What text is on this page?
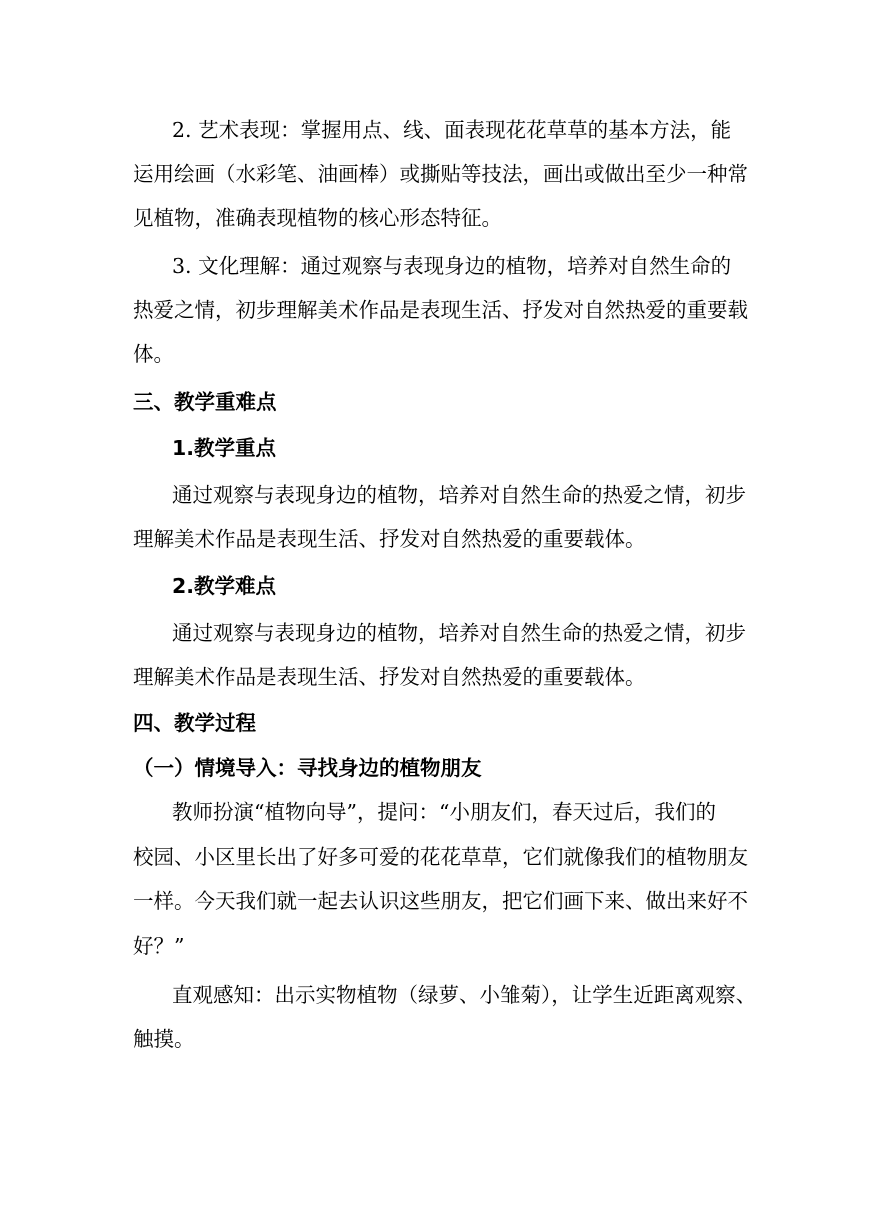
2. 艺术表现：掌握用点、线、面表现花花草草的基本方法，能
运用绘画（水彩笔、油画棒）或撕贴等技法，画出或做出至少一种常
见植物，准确表现植物的核心形态特征。
3. 文化理解：通过观察与表现身边的植物，培养对自然生命的
热爱之情，初步理解美术作品是表现生活、抒发对自然热爱的重要载
体。
三、教学重难点
1.教学重点
通过观察与表现身边的植物，培养对自然生命的热爱之情，初步
理解美术作品是表现生活、抒发对自然热爱的重要载体。
2.教学难点
通过观察与表现身边的植物，培养对自然生命的热爱之情，初步
理解美术作品是表现生活、抒发对自然热爱的重要载体。
四、教学过程
（一）情境导入：寻找身边的植物朋友
教师扮演“植物向导”，提问：“小朋友们，春天过后，我们的
校园、小区里长出了好多可爱的花花草草，它们就像我们的植物朋友
一样。今天我们就一起去认识这些朋友，把它们画下来、做出来好不
好？”
直观感知：出示实物植物（绿萝、小雏菊），让学生近距离观察、
触摸。
